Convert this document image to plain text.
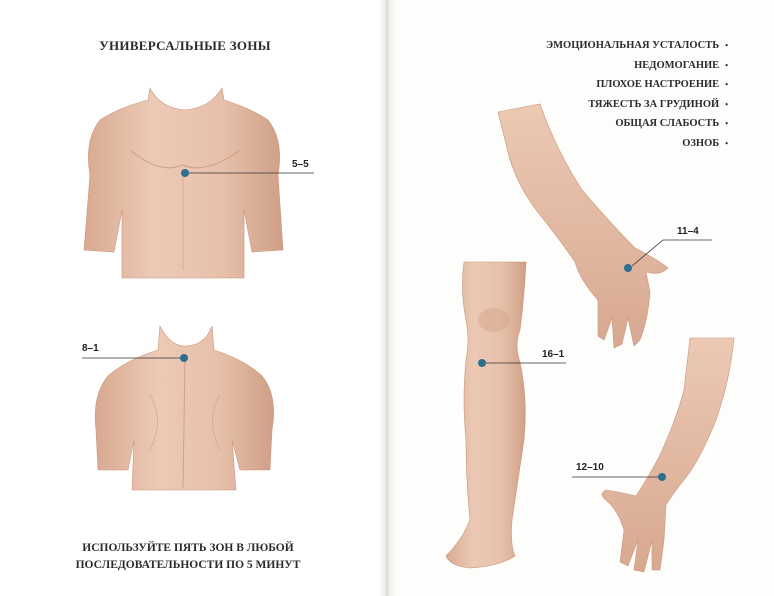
УНИВЕРСАЛЬНЫЕ ЗОНЫ
5–5
8–1
ИСПОЛЬЗУЙТЕ ПЯТЬ ЗОН В ЛЮБОЙ
ПОСЛЕДОВАТЕЛЬНОСТИ ПО 5 МИНУТ
ЭМОЦИОНАЛЬНАЯ УСТАЛОСТЬ •
НЕДОМОГАНИЕ •
ПЛОХОЕ НАСТРОЕНИЕ •
ТЯЖЕСТЬ ЗА ГРУДИНОЙ •
ОБЩАЯ СЛАБОСТЬ •
ОЗНОБ •
11–4
16–1
12–10
